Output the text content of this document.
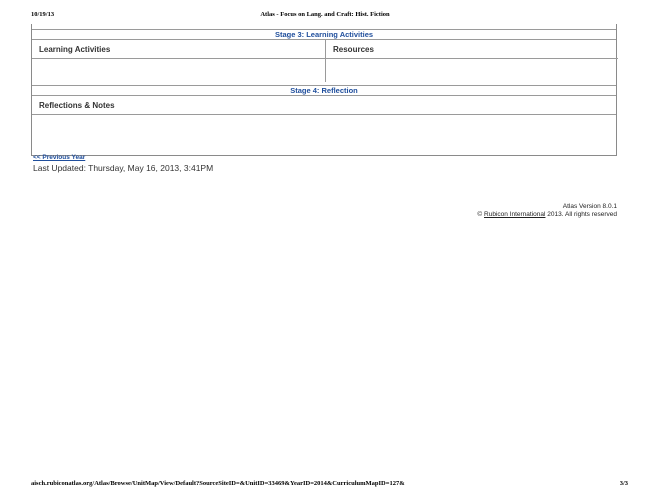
10/19/13	Atlas - Focus on Lang. and Craft: Hist. Fiction
Stage 3: Learning Activities
Learning Activities	Resources
Stage 4: Reflection
Reflections & Notes
<< Previous Year
Last Updated: Thursday, May 16, 2013, 3:41PM
Atlas Version 8.0.1
© Rubicon International 2013. All rights reserved
aisch.rubiconatlas.org/Atlas/Browse/UnitMap/View/Default?SourceSiteID=&UnitID=33469&YearID=2014&CurriculumMapID=127&	3/3
